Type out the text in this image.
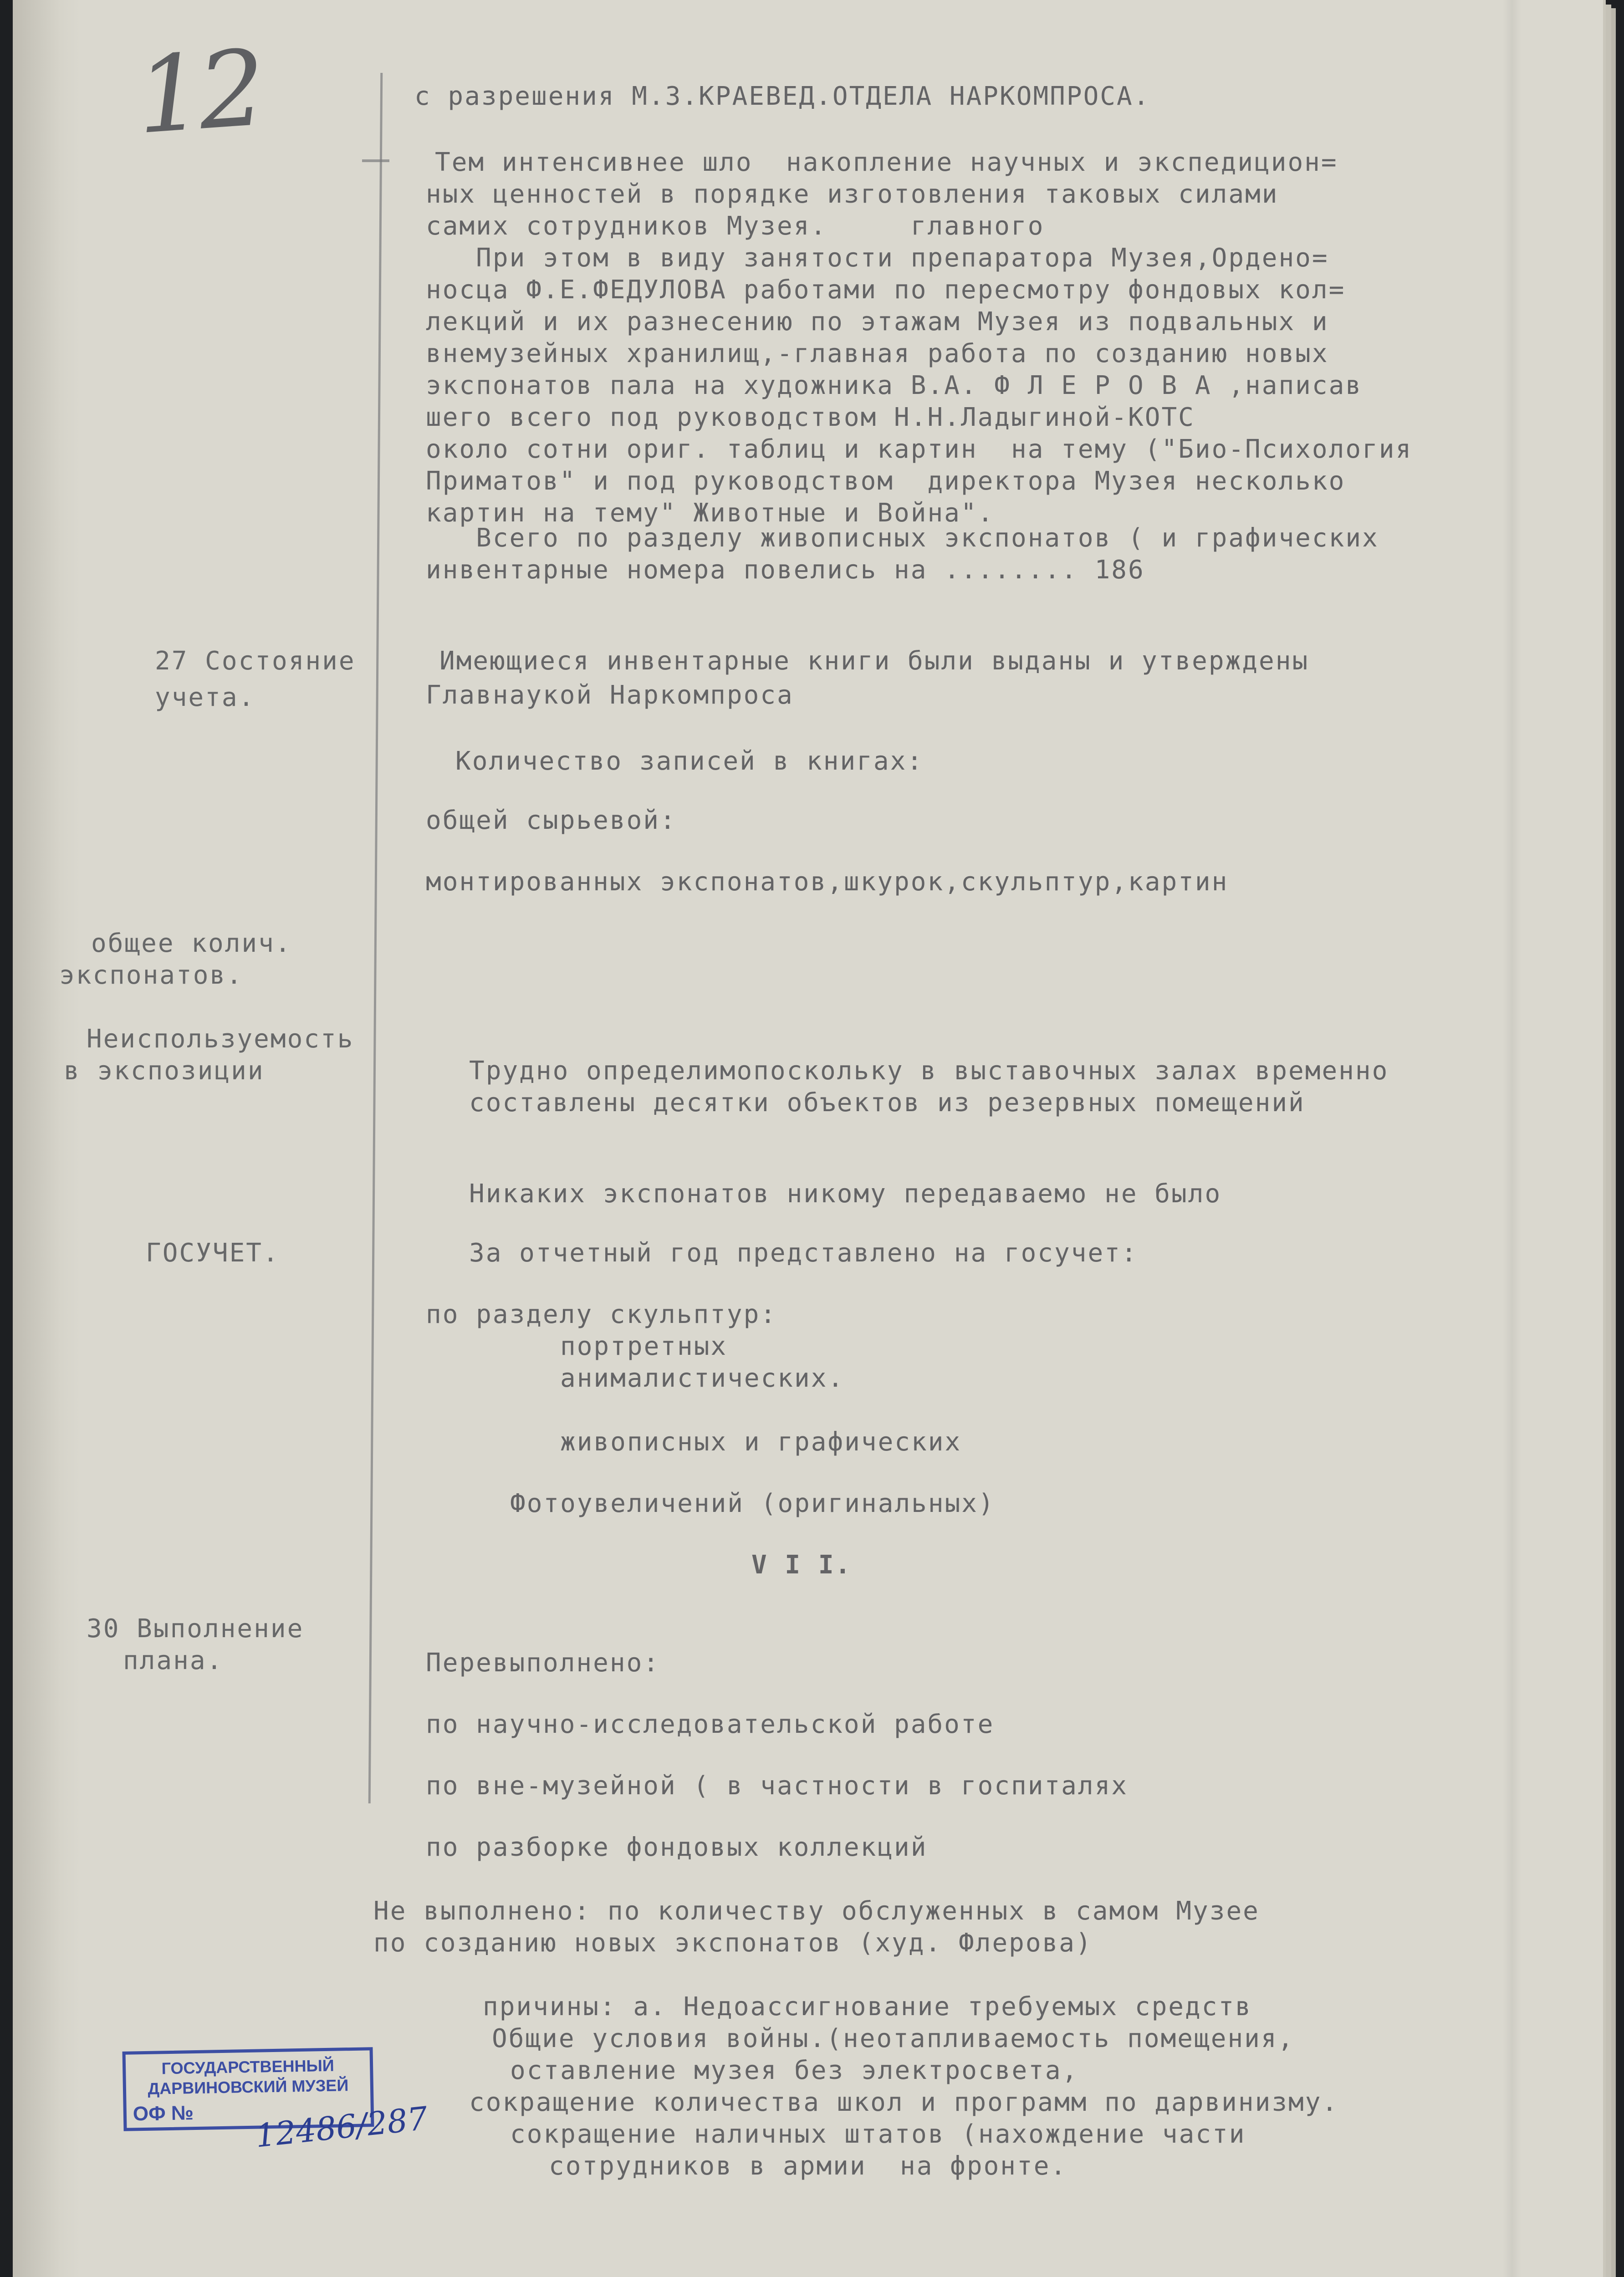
12	с разрешения М.З.КРАЕВЕД.ОТДЕЛА НАРКОМПРОСА.
Тем интенсивнее шло  накопление научных и экспедицион=
ных ценностей в порядке изготовления таковых силами
самих сотрудников Музея.     главного
При этом в виду занятости препаратора Музея,Ордено=
носца Ф.Е.ФЕДУЛОВА работами по пересмотру фондовых кол=
лекций и их разнесению по этажам Музея из подвальных и
внемузейных хранилищ,-главная работа по созданию новых
экспонатов пала на художника В.А. Ф Л Е Р О В А ,написав
шего всего под руководством Н.Н.Ладыгиной-КОТС
около сотни ориг. таблиц и картин  на тему ("Био-Психология
Приматов" и под руководством  директора Музея несколько
картин на тему" Животные и Война".
Всего по разделу живописных экспонатов ( и графических
инвентарные номера повелись на ........ 186
27 Состояние
учета.
Имеющиеся инвентарные книги были выданы и утверждены
Главнаукой Наркомпроса
Количество записей в книгах:
общей сырьевой:
монтированных экспонатов,шкурок,скульптур,картин
общее колич.
экспонатов.
Неиспользуемость
в экспозиции	Трудно определимопоскольку в выставочных залах временно
составлены десятки объектов из резервных помещений
Никаких экспонатов никому передаваемо не было
ГОСУЧЕТ.	За отчетный год представлено на госучет:
по разделу скульптур:
портретных
анималистических.
живописных и графических
Фотоувеличений (оригинальных)
V I I.
30 Выполнение
плана.	Перевыполнено:
по научно-исследовательской работе
по вне-музейной ( в частности в госпиталях
по разборке фондовых коллекций
Не выполнено: по количеству обслуженных в самом Музее
по созданию новых экспонатов (худ. Флерова)
причины: а. Недоассигнование требуемых средств
Общие условия войны.(неотапливаемость помещения,
оставление музея без электросвета,
сокращение количества школ и программ по дарвинизму.
сокращение наличных штатов (нахождение части
сотрудников в армии  на фронте.
ГОСУДАРСТВЕННЫЙ
ДАРВИНОВСКИЙ МУЗЕЙ
ОФ №	12486/287
